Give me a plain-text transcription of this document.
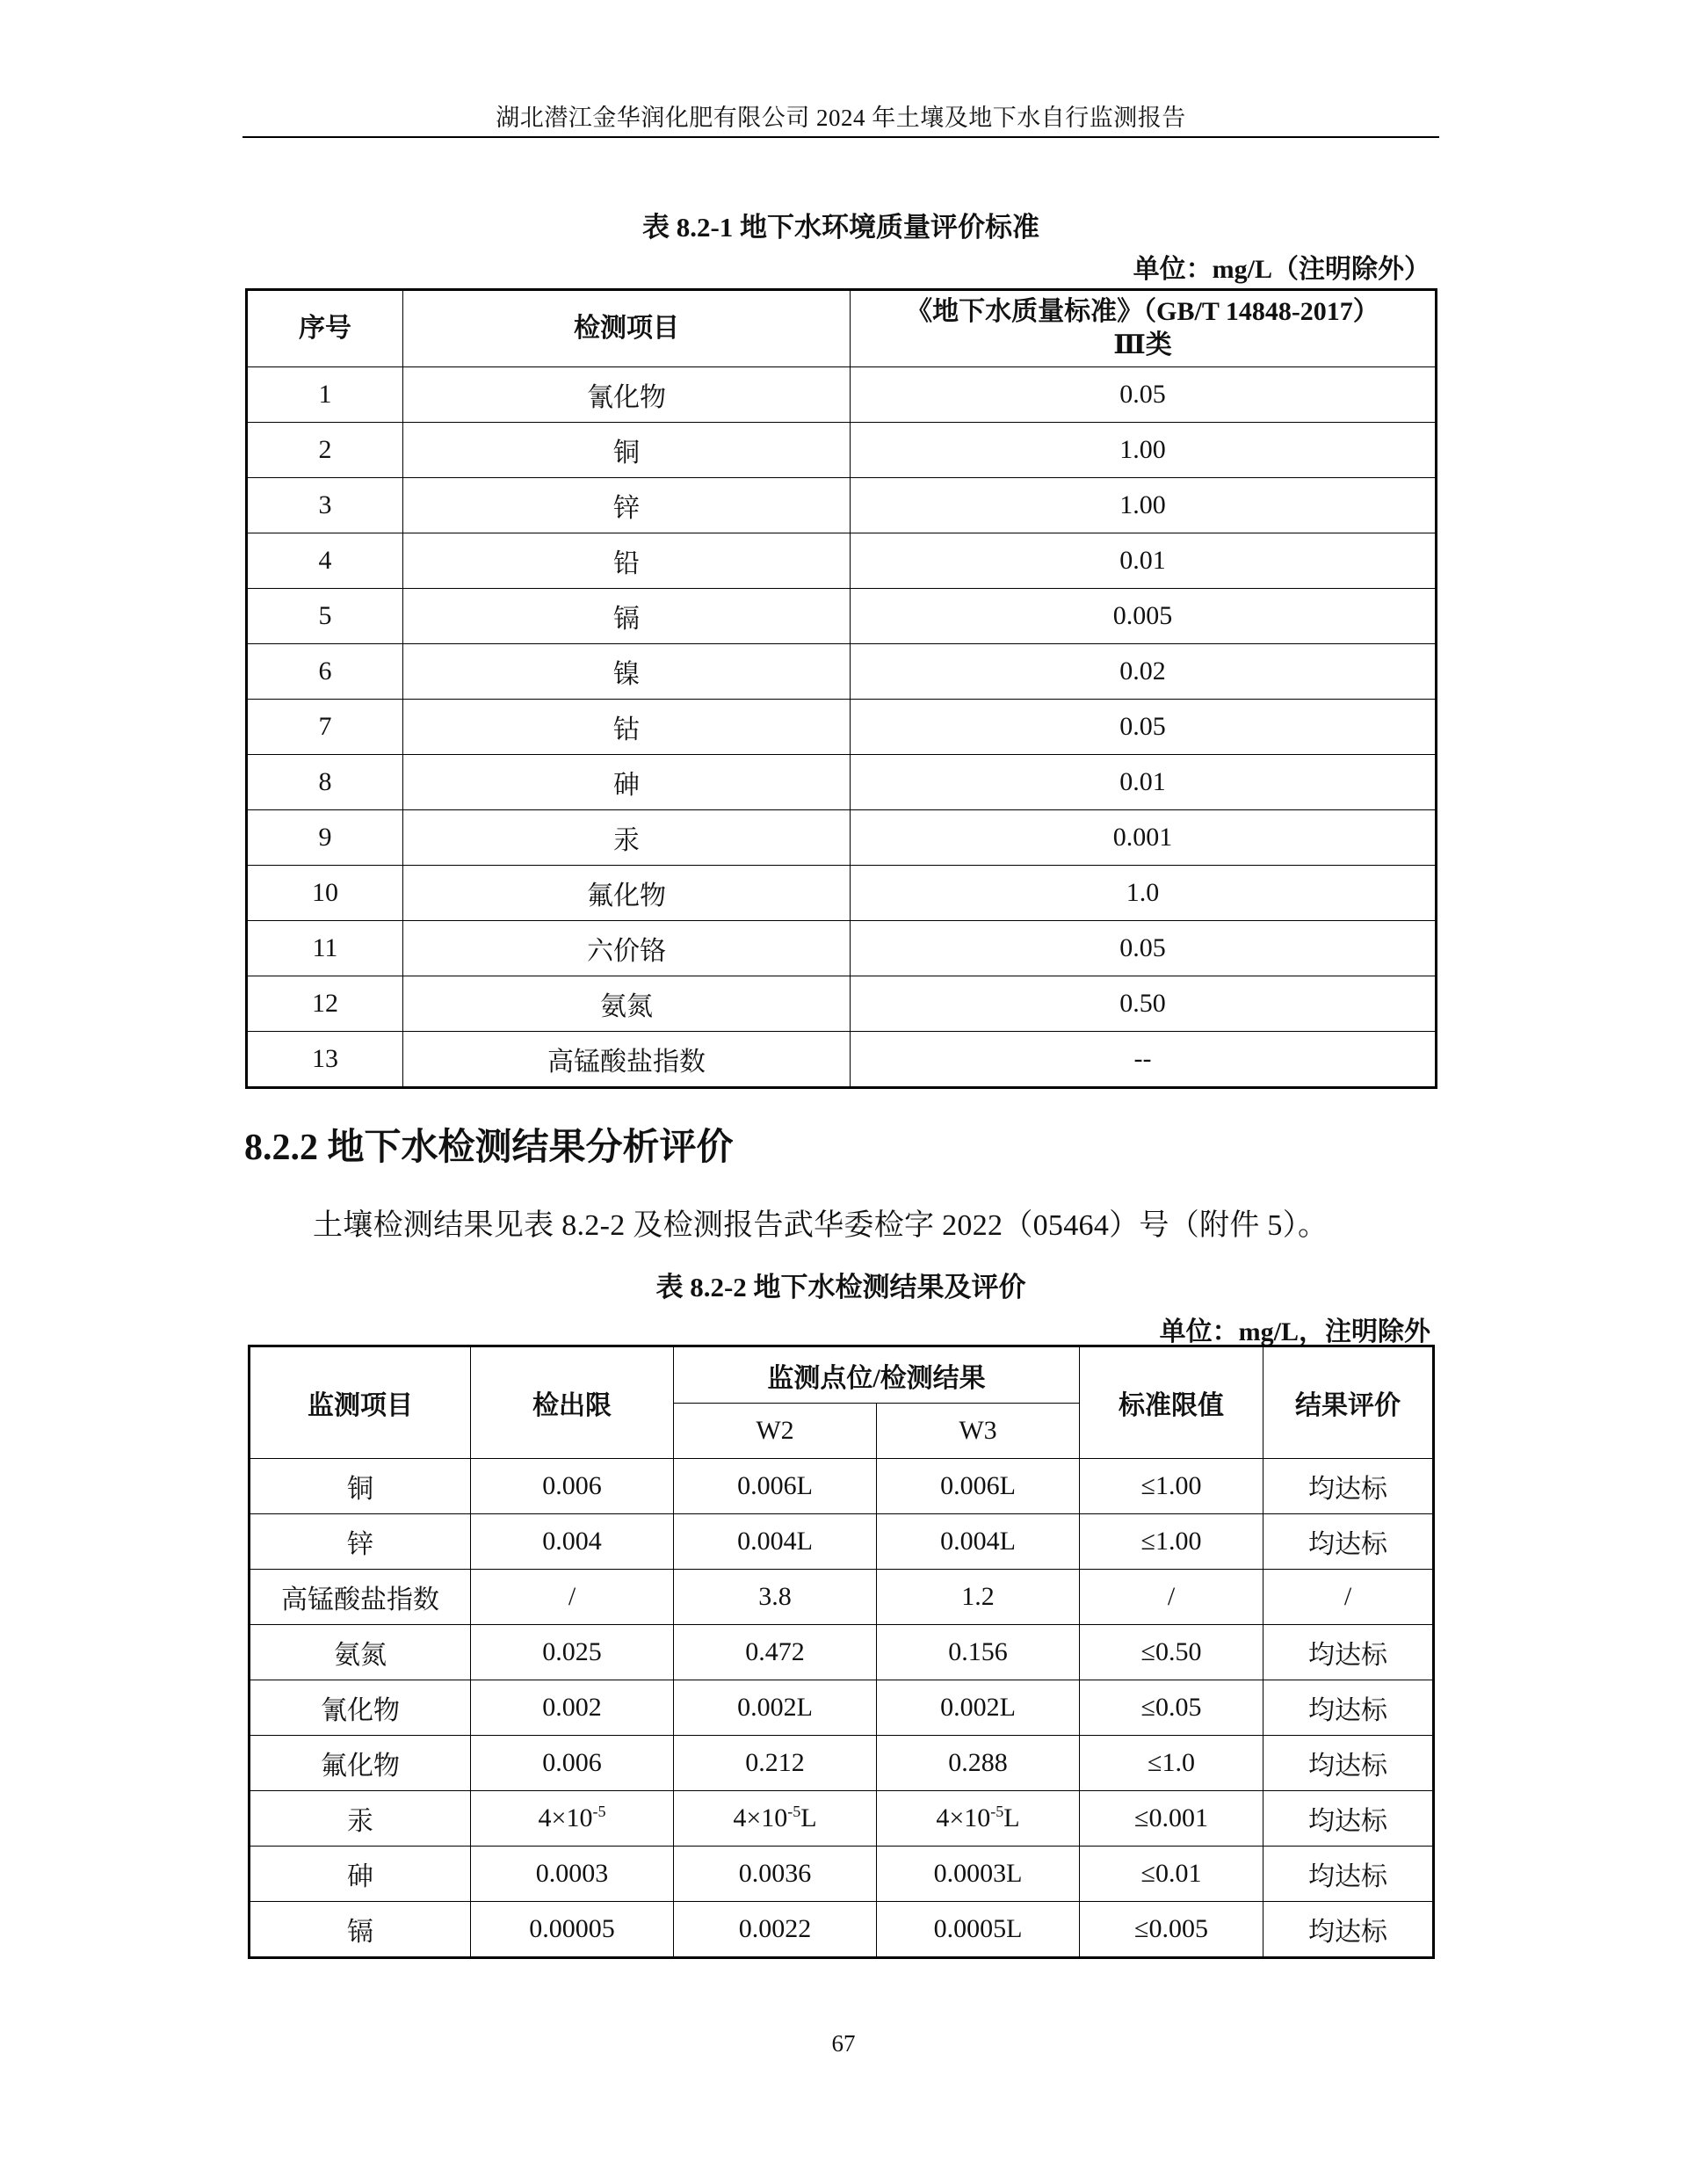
湖北潜江金华润化肥有限公司 2024 年土壤及地下水自行监测报告
表 8.2-1 地下水环境质量评价标准
单位：mg/L（注明除外）
序号	检测项目	《地下水质量标准》（GB/T 14848-2017）
Ⅲ类

1	氰化物	0.05
2	铜	1.00
3	锌	1.00
4	铅	0.01
5	镉	0.005
6	镍	0.02
7	钴	0.05
8	砷	0.01
9	汞	0.001
10	氟化物	1.0
11	六价铬	0.05
12	氨氮	0.50
13	高锰酸盐指数	--
8.2.2 地下水检测结果分析评价
土壤检测结果见表 8.2-2 及检测报告武华委检字 2022（05464）号（附件 5）。
表 8.2-2 地下水检测结果及评价
单位：mg/L，注明除外
监测项目	检出限	监测点位/检测结果		标准限值	结果评价
		W2	W3		
铜	0.006	0.006L	0.006L	≤1.00	均达标
锌	0.004	0.004L	0.004L	≤1.00	均达标
高锰酸盐指数	/	3.8	1.2	/	/
氨氮	0.025	0.472	0.156	≤0.50	均达标
氰化物	0.002	0.002L	0.002L	≤0.05	均达标
氟化物	0.006	0.212	0.288	≤1.0	均达标
汞	$4\times 10^{-5}$	$4\times 10^{-5}L$	$4\times 10^{-5}L$	≤0.001	均达标
砷	0.0003	0.0036	0.0003L	≤0.01	均达标
镉	0.00005	0.0022	0.0005L	≤0.005	均达标
67
